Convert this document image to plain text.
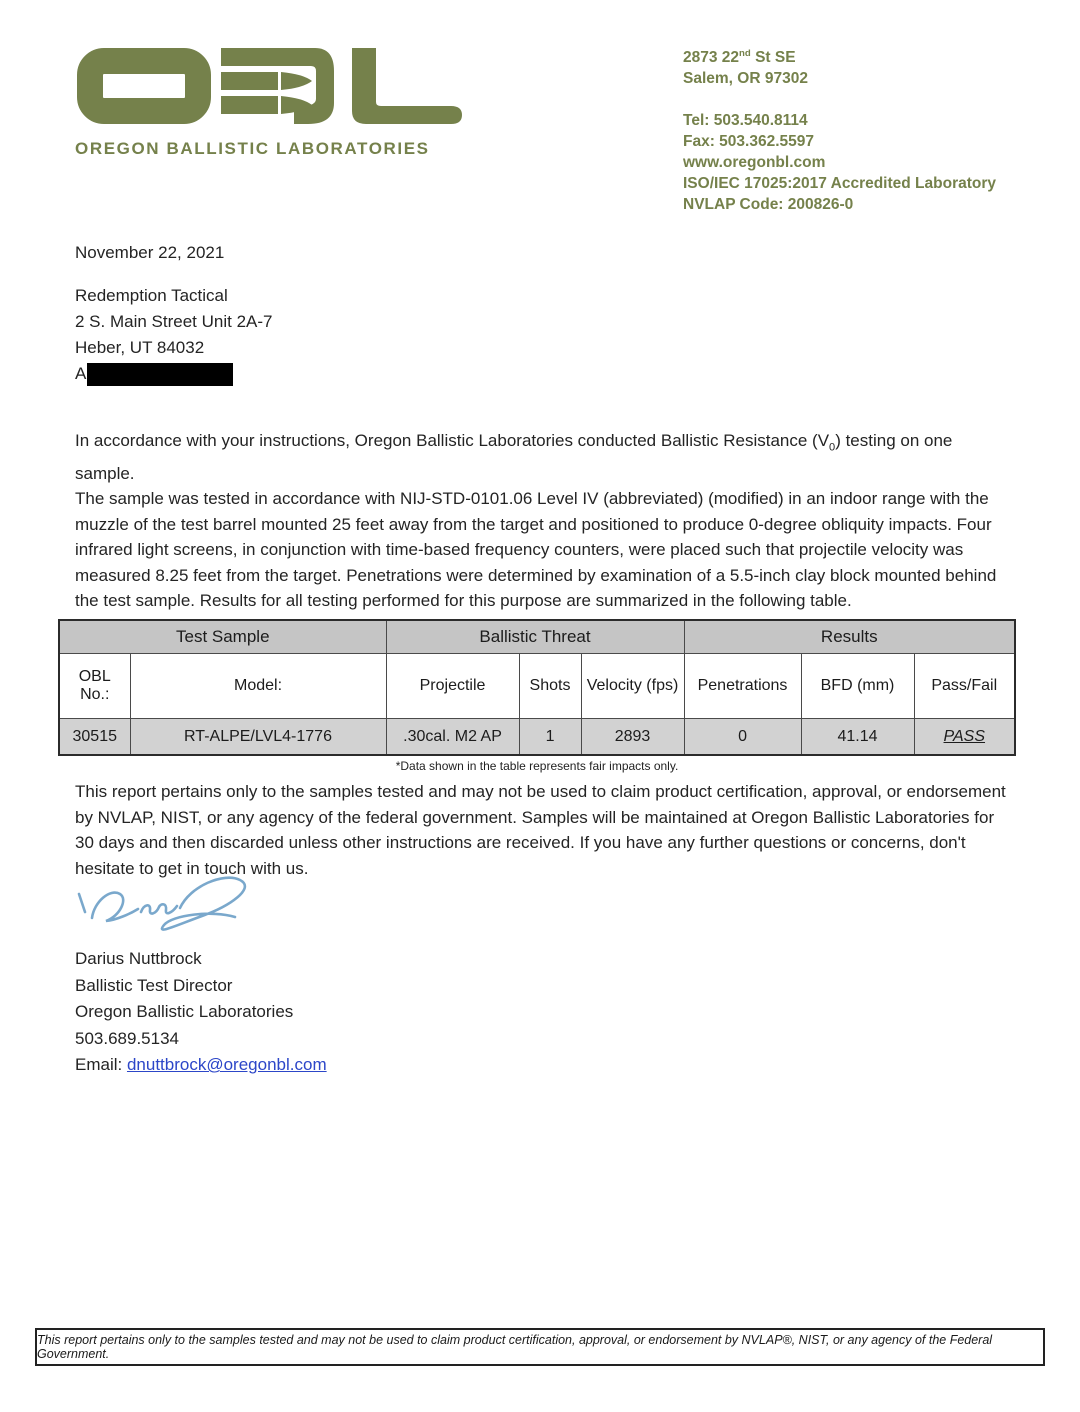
OREGON BALLISTIC LABORATORIES
2873 22nd St SE
Salem, OR 97302
Tel: 503.540.8114
Fax: 503.362.5597
www.oregonbl.com
ISO/IEC 17025:2017 Accredited Laboratory
NVLAP Code: 200826-0
November 22, 2021
Redemption Tactical
2 S. Main Street Unit 2A-7
Heber, UT 84032
A
In accordance with your instructions, Oregon Ballistic Laboratories conducted Ballistic Resistance $(V_0)$ testing on one sample.
The sample was tested in accordance with NIJ-STD-0101.06 Level IV (abbreviated) (modified) in an indoor range with the muzzle of the test barrel mounted 25 feet away from the target and positioned to produce 0-degree obliquity impacts. Four infrared light screens, in conjunction with time-based frequency counters, were placed such that projectile velocity was measured 8.25 feet from the target. Penetrations were determined by examination of a 5.5-inch clay block mounted behind the test sample. Results for all testing performed for this purpose are summarized in the following table.
Test Sample		Ballistic Threat			Results		
OBL No.:	Model:	Projectile	Shots	Velocity (fps)	Penetrations	BFD (mm)	Pass/Fail
30515	RT-ALPE/LVL4-1776	.30cal. M2 AP	1	2893	0	41.14	PASS
*Data shown in the table represents fair impacts only.
This report pertains only to the samples tested and may not be used to claim product certification, approval, or endorsement by NVLAP, NIST, or any agency of the federal government. Samples will be maintained at Oregon Ballistic Laboratories for 30 days and then discarded unless other instructions are received. If you have any further questions or concerns, don't hesitate to get in touch with us.
Darius Nuttbrock
Ballistic Test Director
Oregon Ballistic Laboratories
503.689.5134
Email: dnuttbrock@oregonbl.com
This report pertains only to the samples tested and may not be used to claim product certification, approval, or endorsement by NVLAP®, NIST, or any agency of the Federal Government.
